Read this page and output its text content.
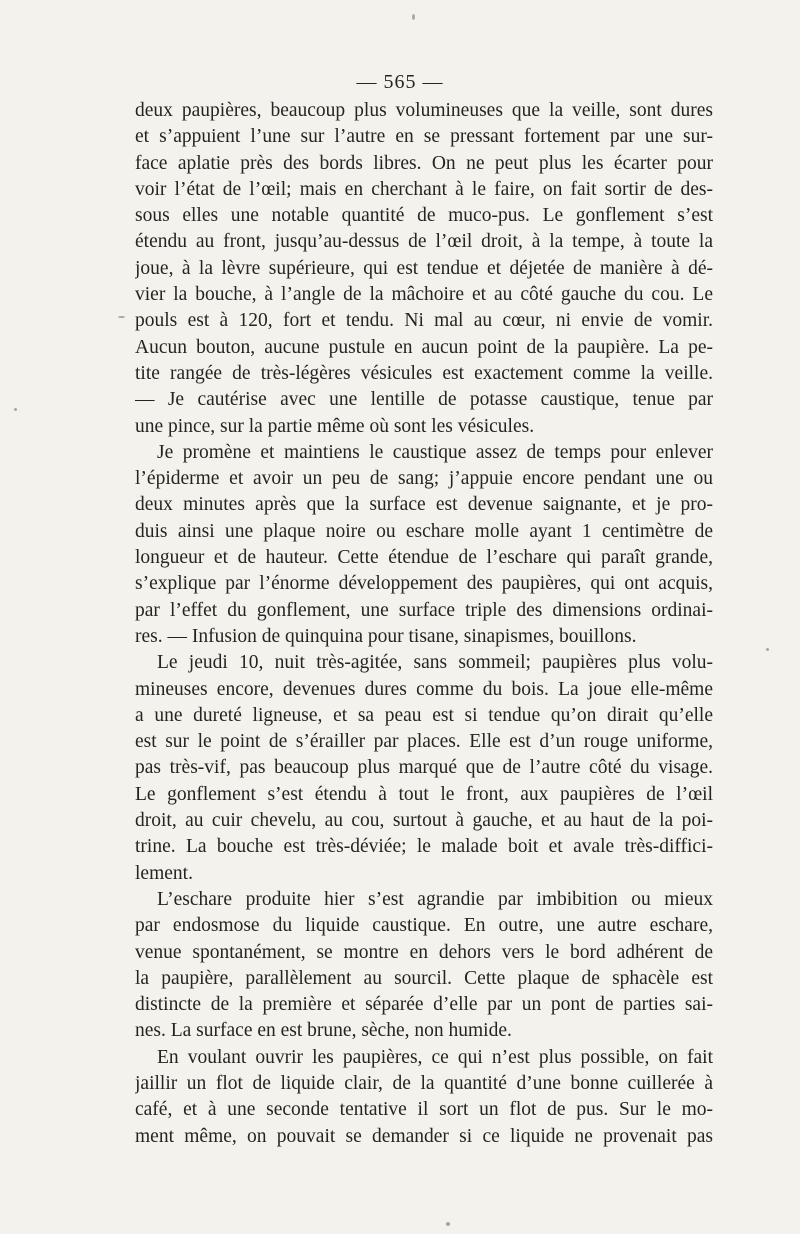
— 565 —
deux paupières, beaucoup plus volumineuses que la veille, sont dures
et s’appuient l’une sur l’autre en se pressant fortement par une sur-
face aplatie près des bords libres. On ne peut plus les écarter pour
voir l’état de l’œil; mais en cherchant à le faire, on fait sortir de des-
sous elles une notable quantité de muco-pus. Le gonflement s’est
étendu au front, jusqu’au-dessus de l’œil droit, à la tempe, à toute la
joue, à la lèvre supérieure, qui est tendue et déjetée de manière à dé-
vier la bouche, à l’angle de la mâchoire et au côté gauche du cou. Le
pouls est à 120, fort et tendu. Ni mal au cœur, ni envie de vomir.
Aucun bouton, aucune pustule en aucun point de la paupière. La pe-
tite rangée de très-légères vésicules est exactement comme la veille.
— Je cautérise avec une lentille de potasse caustique, tenue par
une pince, sur la partie même où sont les vésicules.
Je promène et maintiens le caustique assez de temps pour enlever
l’épiderme et avoir un peu de sang; j’appuie encore pendant une ou
deux minutes après que la surface est devenue saignante, et je pro-
duis ainsi une plaque noire ou eschare molle ayant 1 centimètre de
longueur et de hauteur. Cette étendue de l’eschare qui paraît grande,
s’explique par l’énorme développement des paupières, qui ont acquis,
par l’effet du gonflement, une surface triple des dimensions ordinai-
res. — Infusion de quinquina pour tisane, sinapismes, bouillons.
Le jeudi 10, nuit très-agitée, sans sommeil; paupières plus volu-
mineuses encore, devenues dures comme du bois. La joue elle-même
a une dureté ligneuse, et sa peau est si tendue qu’on dirait qu’elle
est sur le point de s’érailler par places. Elle est d’un rouge uniforme,
pas très-vif, pas beaucoup plus marqué que de l’autre côté du visage.
Le gonflement s’est étendu à tout le front, aux paupières de l’œil
droit, au cuir chevelu, au cou, surtout à gauche, et au haut de la poi-
trine. La bouche est très-déviée; le malade boit et avale très-diffici-
lement.
L’eschare produite hier s’est agrandie par imbibition ou mieux
par endosmose du liquide caustique. En outre, une autre eschare,
venue spontanément, se montre en dehors vers le bord adhérent de
la paupière, parallèlement au sourcil. Cette plaque de sphacèle est
distincte de la première et séparée d’elle par un pont de parties sai-
nes. La surface en est brune, sèche, non humide.
En voulant ouvrir les paupières, ce qui n’est plus possible, on fait
jaillir un flot de liquide clair, de la quantité d’une bonne cuillerée à
café, et à une seconde tentative il sort un flot de pus. Sur le mo-
ment même, on pouvait se demander si ce liquide ne provenait pas
